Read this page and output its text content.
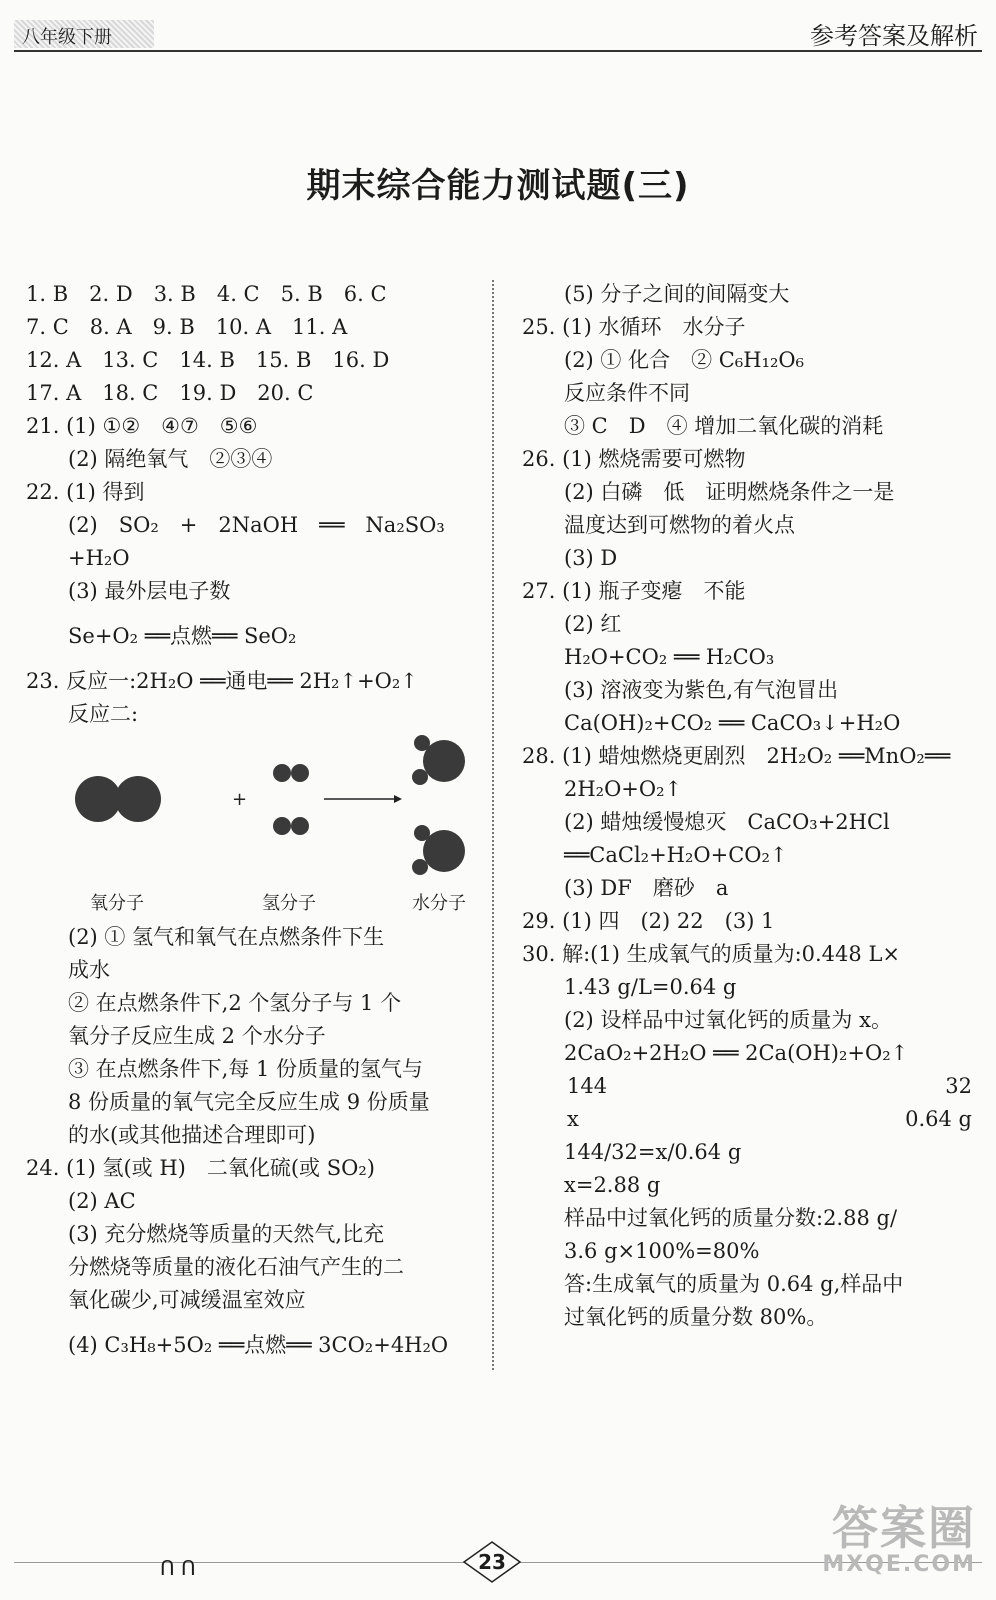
八年级下册	参考答案及解析
期末综合能力测试题(三)
1. B　2. D　3. B　4. C　5. B　6. C
7. C　8. A　9. B　10. A　11. A
12. A　13. C　14. B　15. B　16. D
17. A　18. C　19. D　20. C
21. (1) ①②　④⑦　⑤⑥
　　(2) 隔绝氧气　②③④
22. (1) 得到
　　(2)　SO₂　+　2NaOH　══　Na₂SO₃
　　+H₂O
　　(3) 最外层电子数
　　Se+O₂ ══点燃══ SeO₂
23. 反应一:2H₂O ══通电══ 2H₂↑+O₂↑
　　反应二:
+
氧分子	氢分子	水分子
　　(2) ① 氢气和氧气在点燃条件下生
　　成水
　　② 在点燃条件下,2 个氢分子与 1 个
　　氧分子反应生成 2 个水分子
　　③ 在点燃条件下,每 1 份质量的氢气与
　　8 份质量的氧气完全反应生成 9 份质量
　　的水(或其他描述合理即可)
24. (1) 氢(或 H)　二氧化硫(或 SO₂)
　　(2) AC
　　(3) 充分燃烧等质量的天然气,比充
　　分燃烧等质量的液化石油气产生的二
　　氧化碳少,可减缓温室效应
　　(4) C₃H₈+5O₂ ══点燃══ 3CO₂+4H₂O
　　(5) 分子之间的间隔变大
25. (1) 水循环　水分子
　　(2) ① 化合　② C₆H₁₂O₆
　　反应条件不同
　　③ C　D　④ 增加二氧化碳的消耗
26. (1) 燃烧需要可燃物
　　(2) 白磷　低　证明燃烧条件之一是
　　温度达到可燃物的着火点
　　(3) D
27. (1) 瓶子变瘪　不能
　　(2) 红
　　H₂O+CO₂ ══ H₂CO₃
　　(3) 溶液变为紫色,有气泡冒出
　　Ca(OH)₂+CO₂ ══ CaCO₃↓+H₂O
28. (1) 蜡烛燃烧更剧烈　2H₂O₂ ══MnO₂══
　　2H₂O+O₂↑
　　(2) 蜡烛缓慢熄灭　CaCO₃+2HCl
　　══CaCl₂+H₂O+CO₂↑
　　(3) DF　磨砂　a
29. (1) 四　(2) 22　(3) 1
30. 解:(1) 生成氧气的质量为:0.448 L×
　　1.43 g/L=0.64 g
　　(2) 设样品中过氧化钙的质量为 x。
　　2CaO₂+2H₂O ══ 2Ca(OH)₂+O₂↑
144	32
x	0.64 g
　　144/32=x/0.64 g
　　x=2.88 g
　　样品中过氧化钙的质量分数:2.88 g/
　　3.6 g×100%=80%
　　答:生成氧气的质量为 0.64 g,样品中
　　过氧化钙的质量分数 80%。
ᑎ ᑎ	23
答案圈
MXQE.COM
